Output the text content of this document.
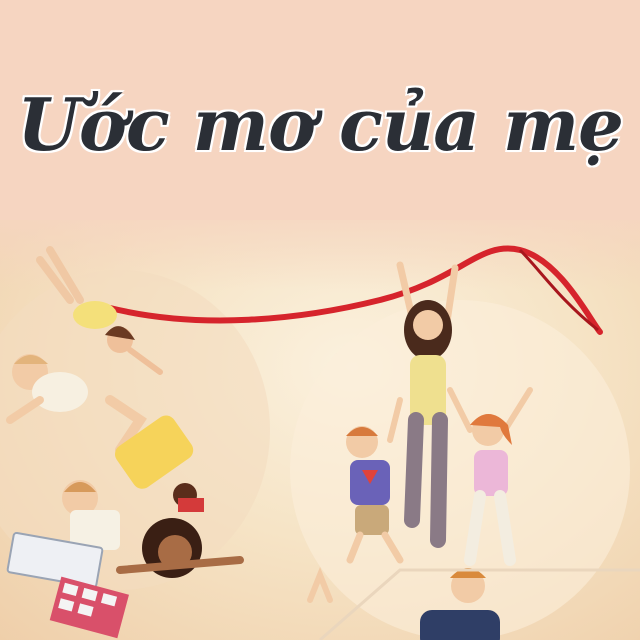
Ước mơ của mẹ
